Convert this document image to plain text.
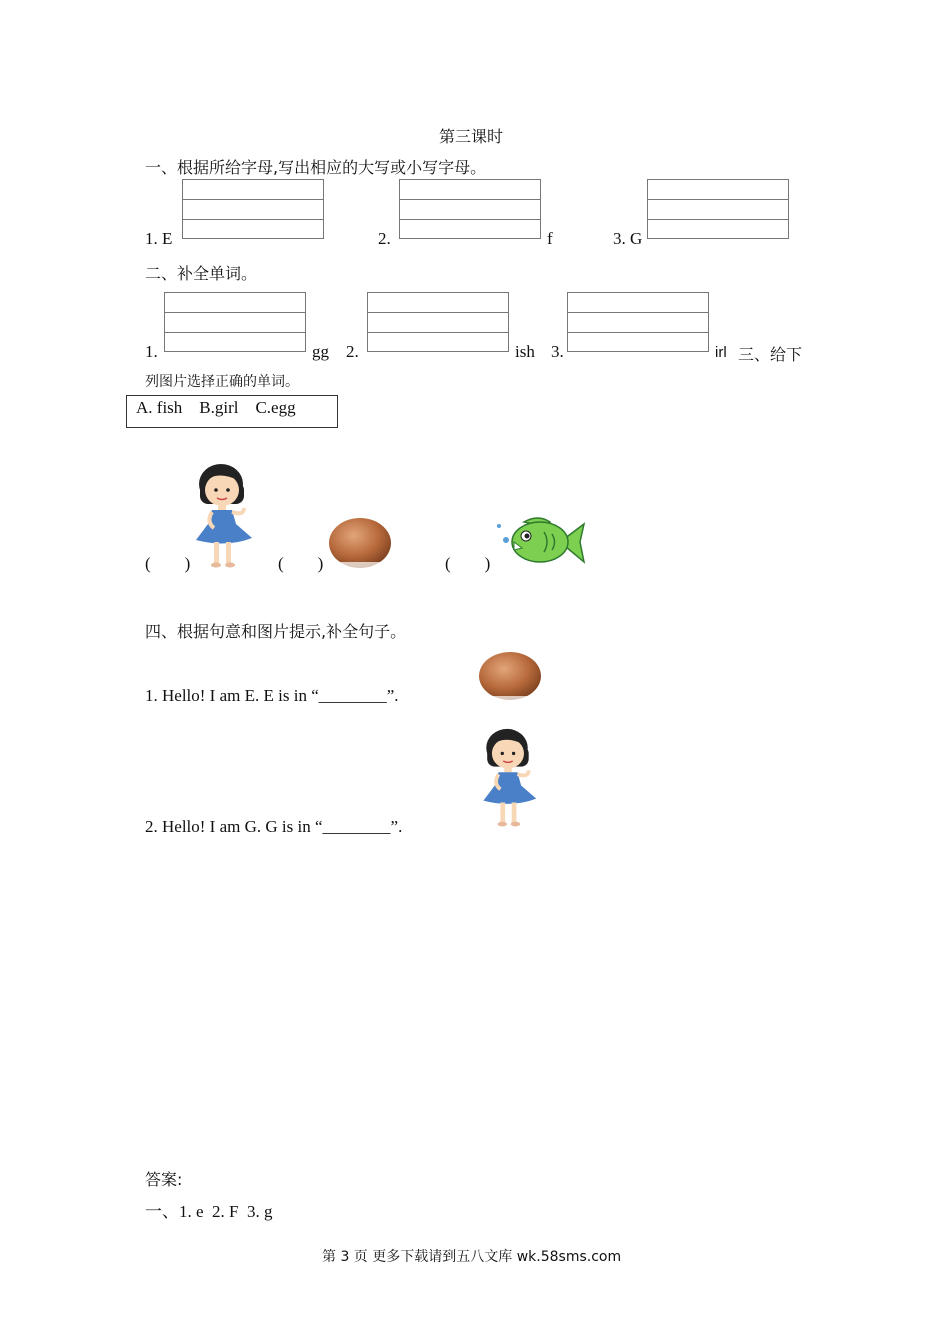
第三课时
一、根据所给字母,写出相应的大写或小写字母。
1. E	2.	f	3. G
二、补全单词。
1.	gg 2.	ish 3.	irl 三、给下
列图片选择正确的单词。
A. fish    B.girl    C.egg
(        )	(        )	(        )
四、根据句意和图片提示,补全句子。
1. Hello! I am E. E is in “________”.
2. Hello! I am G. G is in “________”.
答案:
一、1. e  2. F  3. g
第 3 页 更多下载请到五八文库 wk.58sms.com
